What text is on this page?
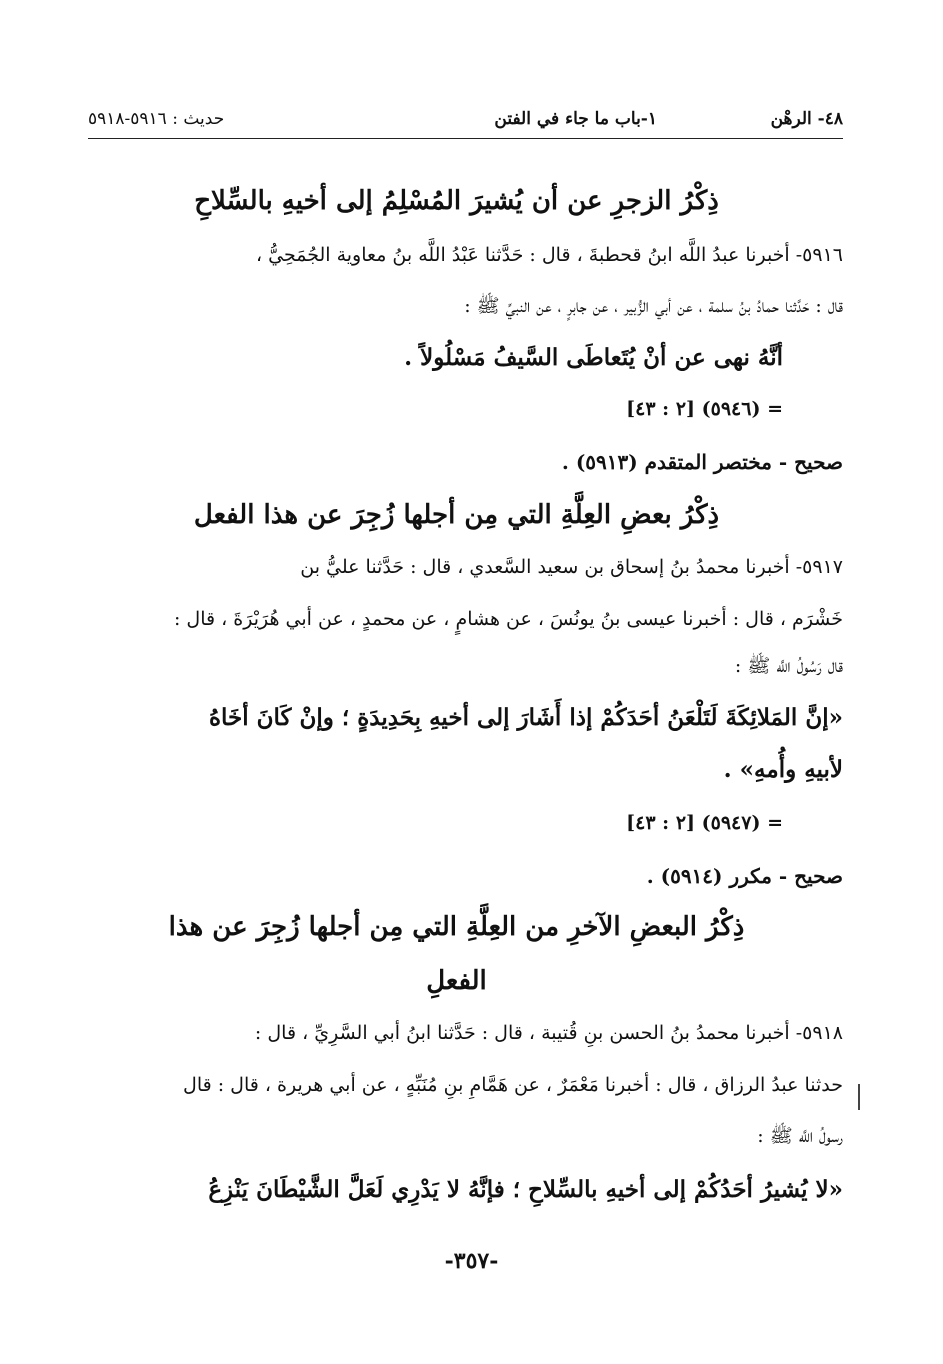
٤٨- الرهْن
١-باب ما جاء في الفتن
حديث : ٥٩١٦-٥٩١٨
ذِكْرُ الزجرِ عن أن يُشيرَ المُسْلِمُ إلى أخيهِ بالسِّلاحِ
٥٩١٦- أخبرنا عبدُ اللَّه ابنُ قحطبةَ ، قال : حَدَّثنا عَبْدُ اللَّه بنُ معاوية الجُمَحِيُّ ،
قال : حَدَّثنا حمادُ بنُ سلمة ، عن أبي الزُّبير ، عن جابرٍ ، عن النبيِّ ﷺ :
أنَّهُ نهى عن أنْ يُتَعاطَى السَّيفُ مَسْلُولاً .
= (٥٩٤٦) [٢ : ٤٣]
صحيح - مختصر المتقدم (٥٩١٣) .
ذِكْرُ بعضِ العِلَّةِ التي مِن أجلها زُجِرَ عن هذا الفعل
٥٩١٧- أخبرنا محمدُ بنُ إسحاق بن سعيد السَّعدي ، قال : حَدَّثنا عليُّ بن
خَشْرَم ، قال : أخبرنا عيسى بنُ يونُسَ ، عن هشامٍ ، عن محمدٍ ، عن أبي هُرَيْرَةَ ، قال :
قال رَسُولُ اللَّه ﷺ :
«إنَّ المَلائِكَةَ لَتَلْعَنُ أحَدَكُمْ إذا أَشَارَ إلى أخيهِ بِحَدِيدَةٍ ؛ وإنْ كَانَ أخَاهُ
لأبيهِ وأُمهِ» .
= (٥٩٤٧) [٢ : ٤٣]
صحيح - مكرر (٥٩١٤) .
ذِكْرُ البعضِ الآخرِ من العِلَّةِ التي مِن أجلها زُجِرَ عن هذا
الفعلِ
٥٩١٨- أخبرنا محمدُ بنُ الحسن بنِ قُتيبة ، قال : حَدَّثنا ابنُ أبي السَّرِيِّ ، قال :
حدثنا عبدُ الرزاق ، قال : أخبرنا مَعْمَرٌ ، عن هَمَّامِ بنِ مُنَبِّهٍ ، عن أبي هريرة ، قال : قال
رسولُ اللَّه ﷺ :
«لا يُشيرُ أحَدُكُمْ إلى أخيهِ بالسِّلاحِ ؛ فإنَّهُ لا يَدْرِي لَعَلَّ الشَّيْطَانَ يَنْزِعُ
-٣٥٧-
